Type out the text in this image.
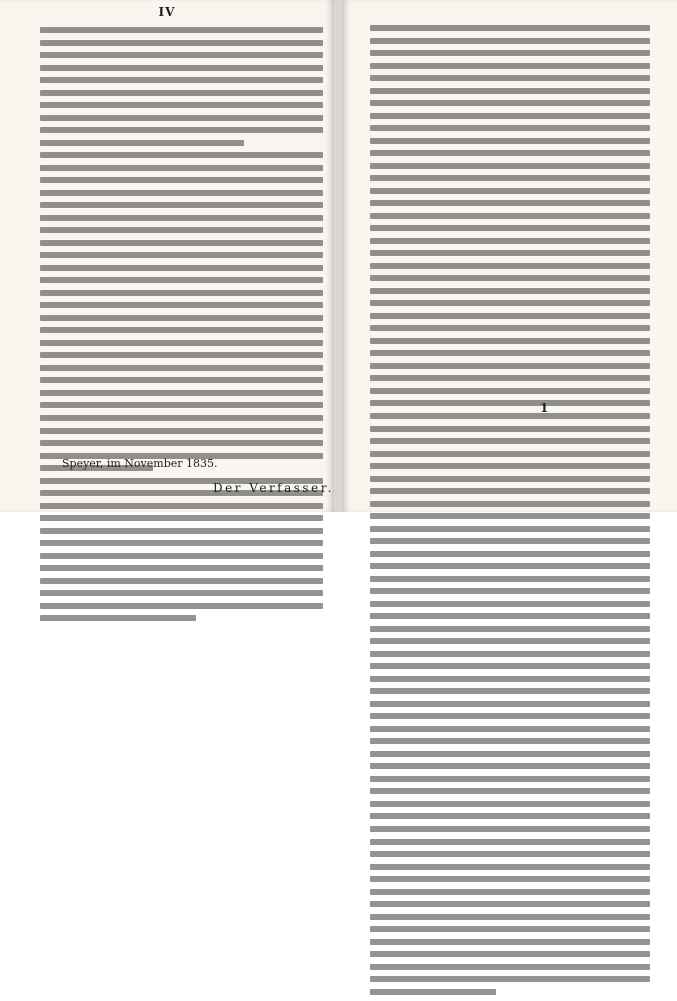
IV
Speyer, im November 1835.
Der Verfasser.
1
